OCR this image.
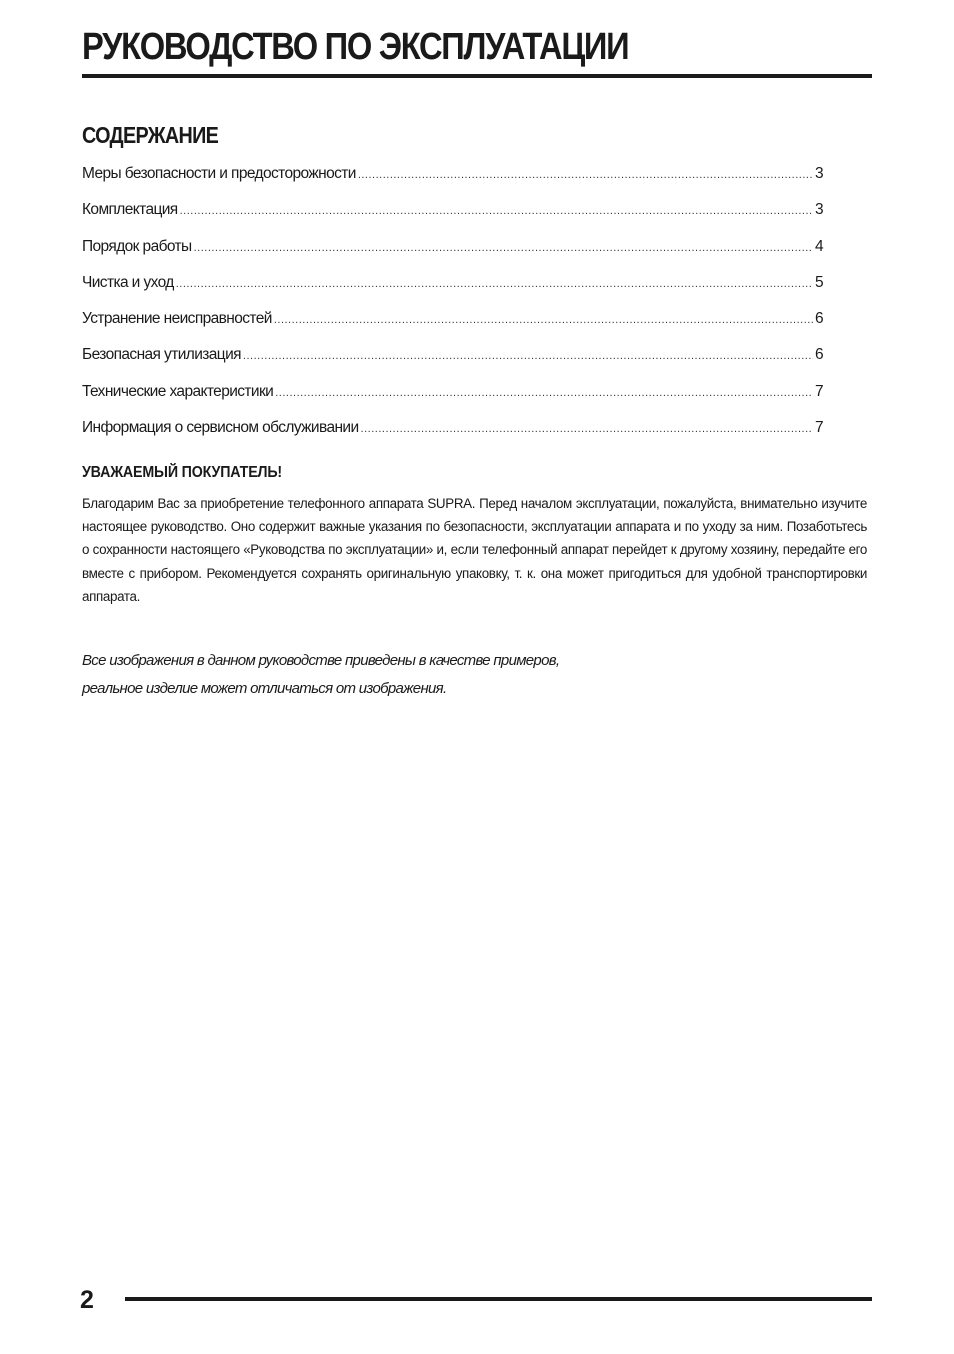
РУКОВОДСТВО ПО ЭКСПЛУАТАЦИИ
СОДЕРЖАНИЕ
Меры безопасности и предосторожности
.....	3
Комплектация
.....	3
Порядок работы
.....	4
Чистка и уход
.....	5
Устранение неисправностей
.....	6
Безопасная утилизация
.....	6
Технические характеристики
.....	7
Информация о сервисном обслуживании
.....	7
УВАЖАЕМЫЙ ПОКУПАТЕЛЬ!

Благодарим Вас за приобретение телефонного аппарата SUPRA. Перед началом эксплуатации, пожалуйста, внимательно изучите настоящее руководство. Оно содержит важные указания по безопасности, эксплуатации аппарата и по уходу за ним. Позаботьтесь о сохранности настоящего «Руководства по эксплуатации» и, если телефонный аппарат перейдет к другому хозяину, передайте его вместе с прибором. Рекомендуется сохранять оригинальную упаковку, т. к. она может пригодиться для удобной транспортировки аппарата.

Все изображения в данном руководстве приведены в качестве примеров,
реальное изделие может отличаться от изображения.
2
